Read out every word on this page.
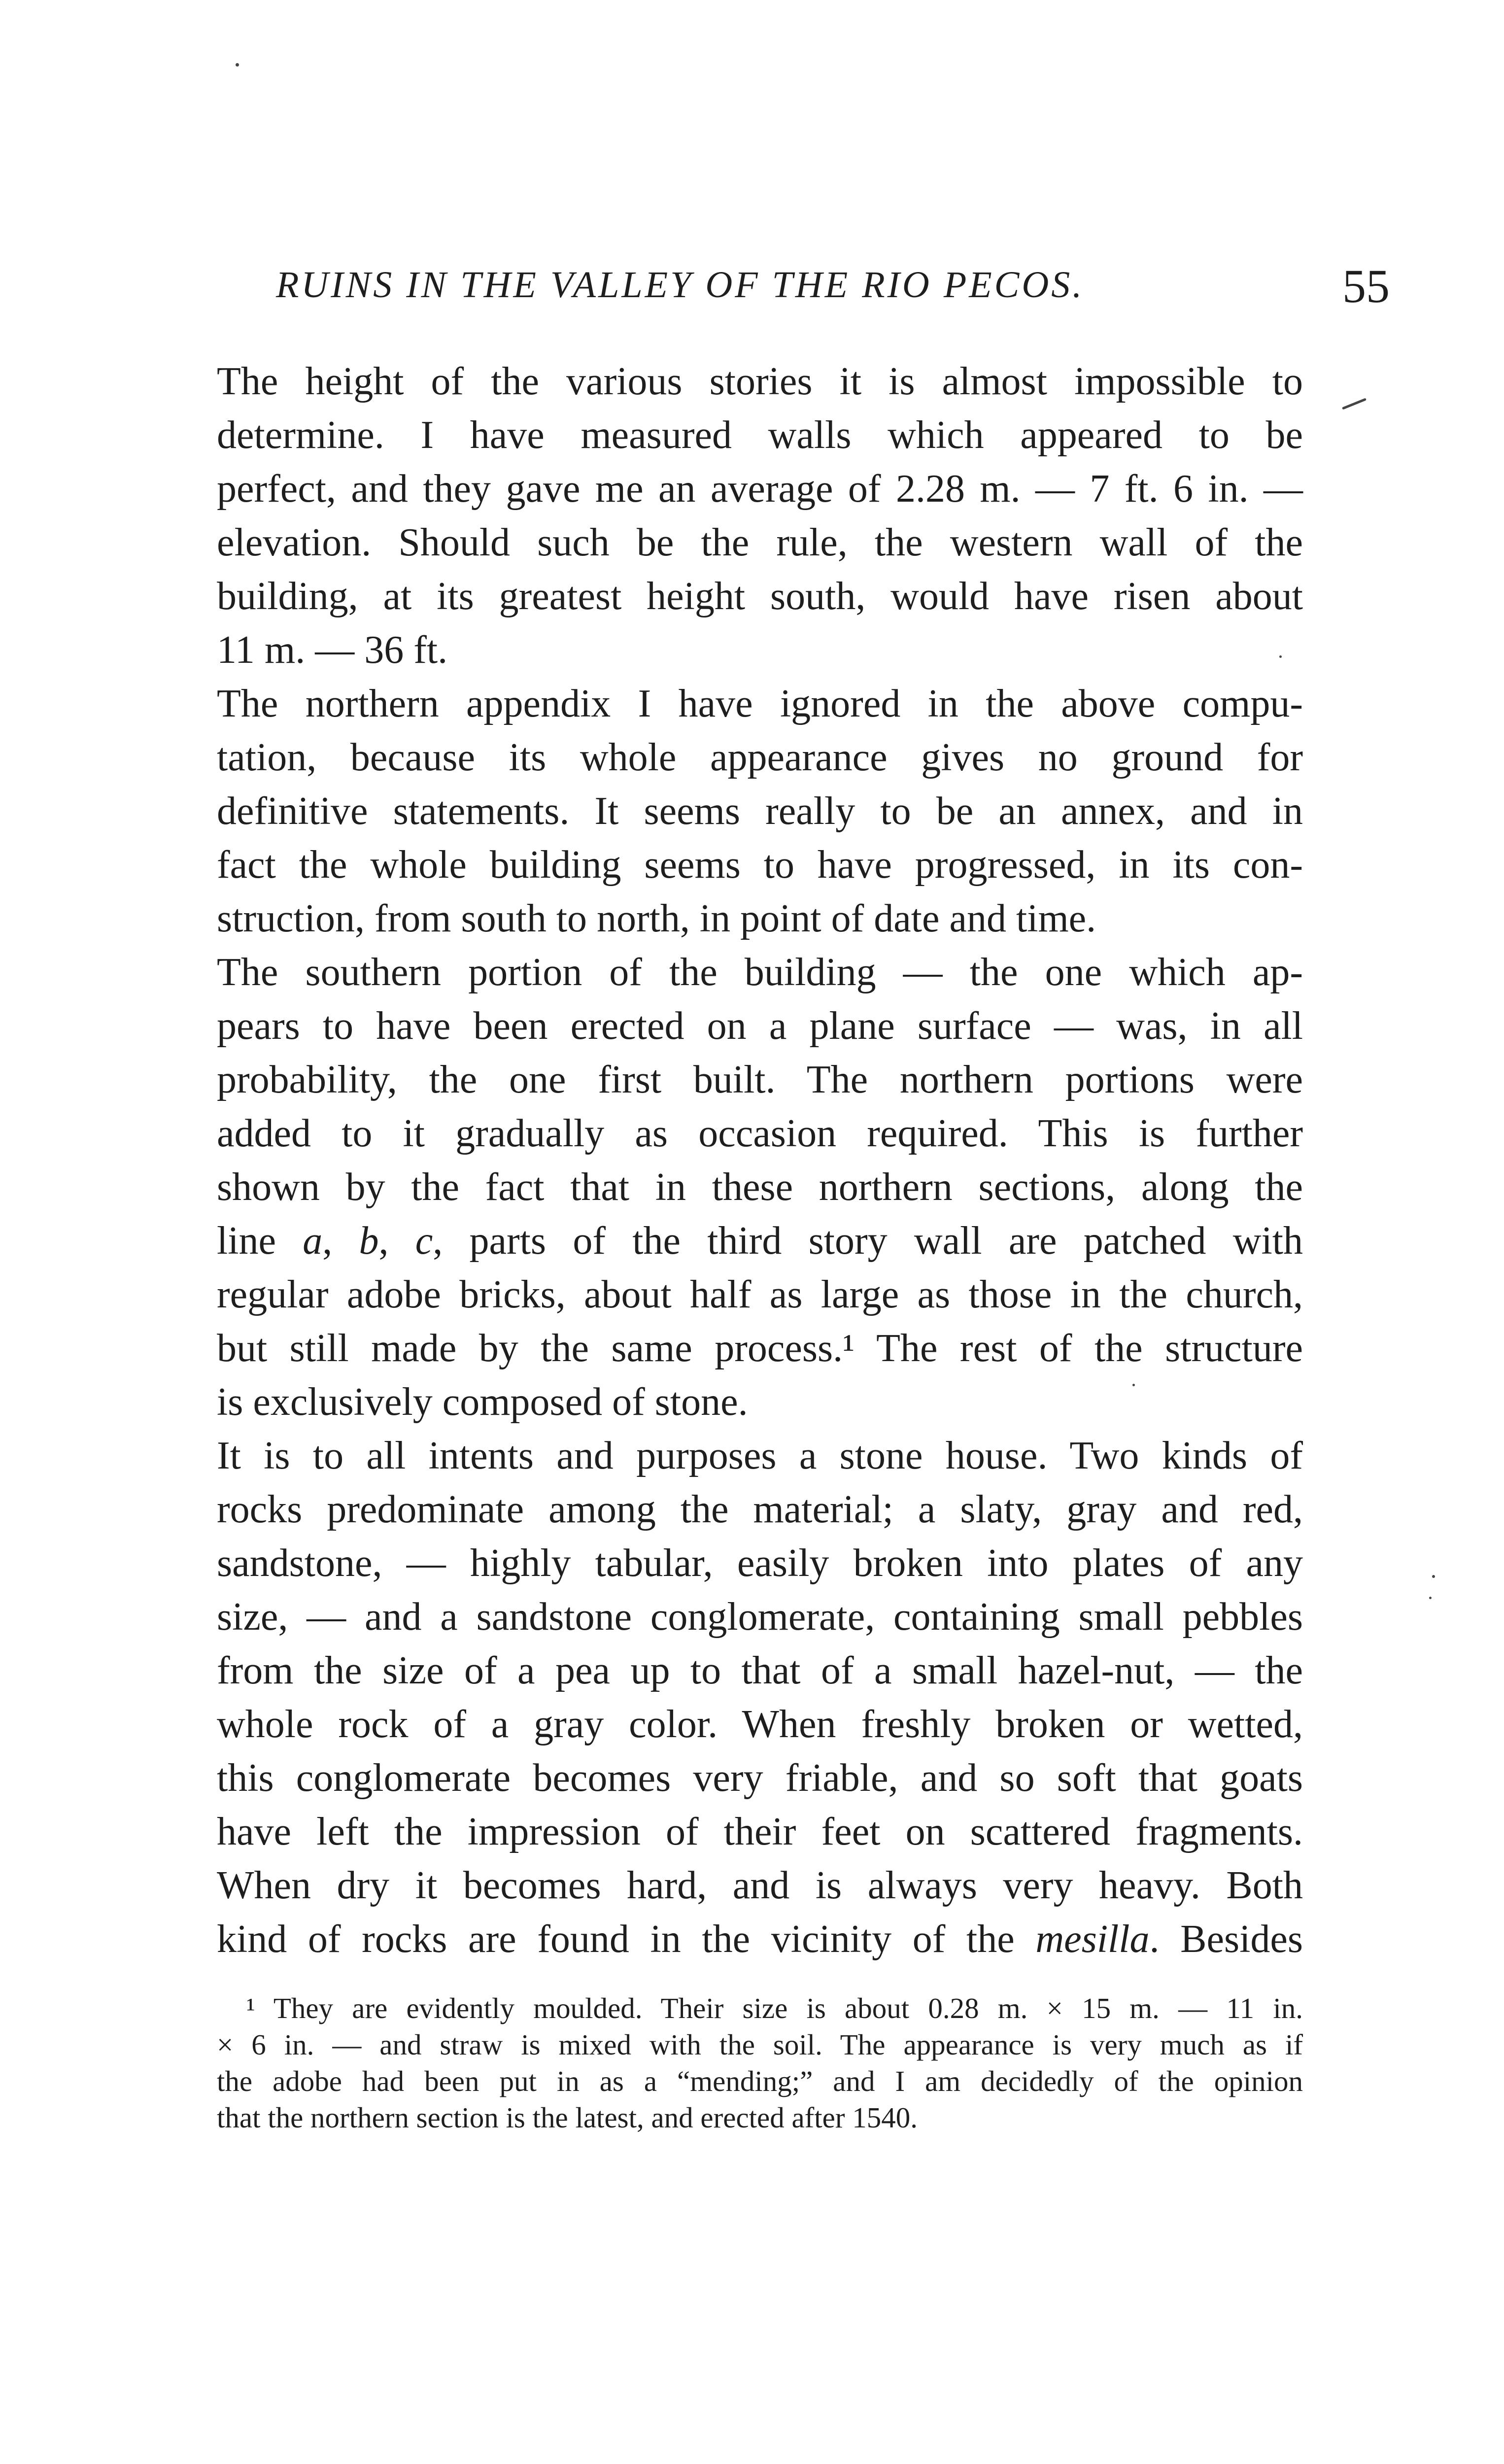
RUINS IN THE VALLEY OF THE RIO PECOS.	55
The height of the various stories it is almost impossible to
determine. I have measured walls which appeared to be
perfect, and they gave me an average of 2.28 m. — 7 ft. 6 in. —
elevation. Should such be the rule, the western wall of the
building, at its greatest height south, would have risen about
11 m. — 36 ft.
The northern appendix I have ignored in the above compu-
tation, because its whole appearance gives no ground for
definitive statements. It seems really to be an annex, and in
fact the whole building seems to have progressed, in its con-
struction, from south to north, in point of date and time.
The southern portion of the building — the one which ap-
pears to have been erected on a plane surface — was, in all
probability, the one first built. The northern portions were
added to it gradually as occasion required. This is further
shown by the fact that in these northern sections, along the
line a, b, c, parts of the third story wall are patched with
regular adobe bricks, about half as large as those in the church,
but still made by the same process.¹ The rest of the structure
is exclusively composed of stone.
It is to all intents and purposes a stone house. Two kinds of
rocks predominate among the material; a slaty, gray and red,
sandstone, — highly tabular, easily broken into plates of any
size, — and a sandstone conglomerate, containing small pebbles
from the size of a pea up to that of a small hazel-nut, — the
whole rock of a gray color. When freshly broken or wetted,
this conglomerate becomes very friable, and so soft that goats
have left the impression of their feet on scattered fragments.
When dry it becomes hard, and is always very heavy. Both
kind of rocks are found in the vicinity of the mesilla. Besides
¹ They are evidently moulded. Their size is about 0.28 m. × 15 m. — 11 in.
× 6 in. — and straw is mixed with the soil. The appearance is very much as if
the adobe had been put in as a “mending;” and I am decidedly of the opinion
that the northern section is the latest, and erected after 1540.
